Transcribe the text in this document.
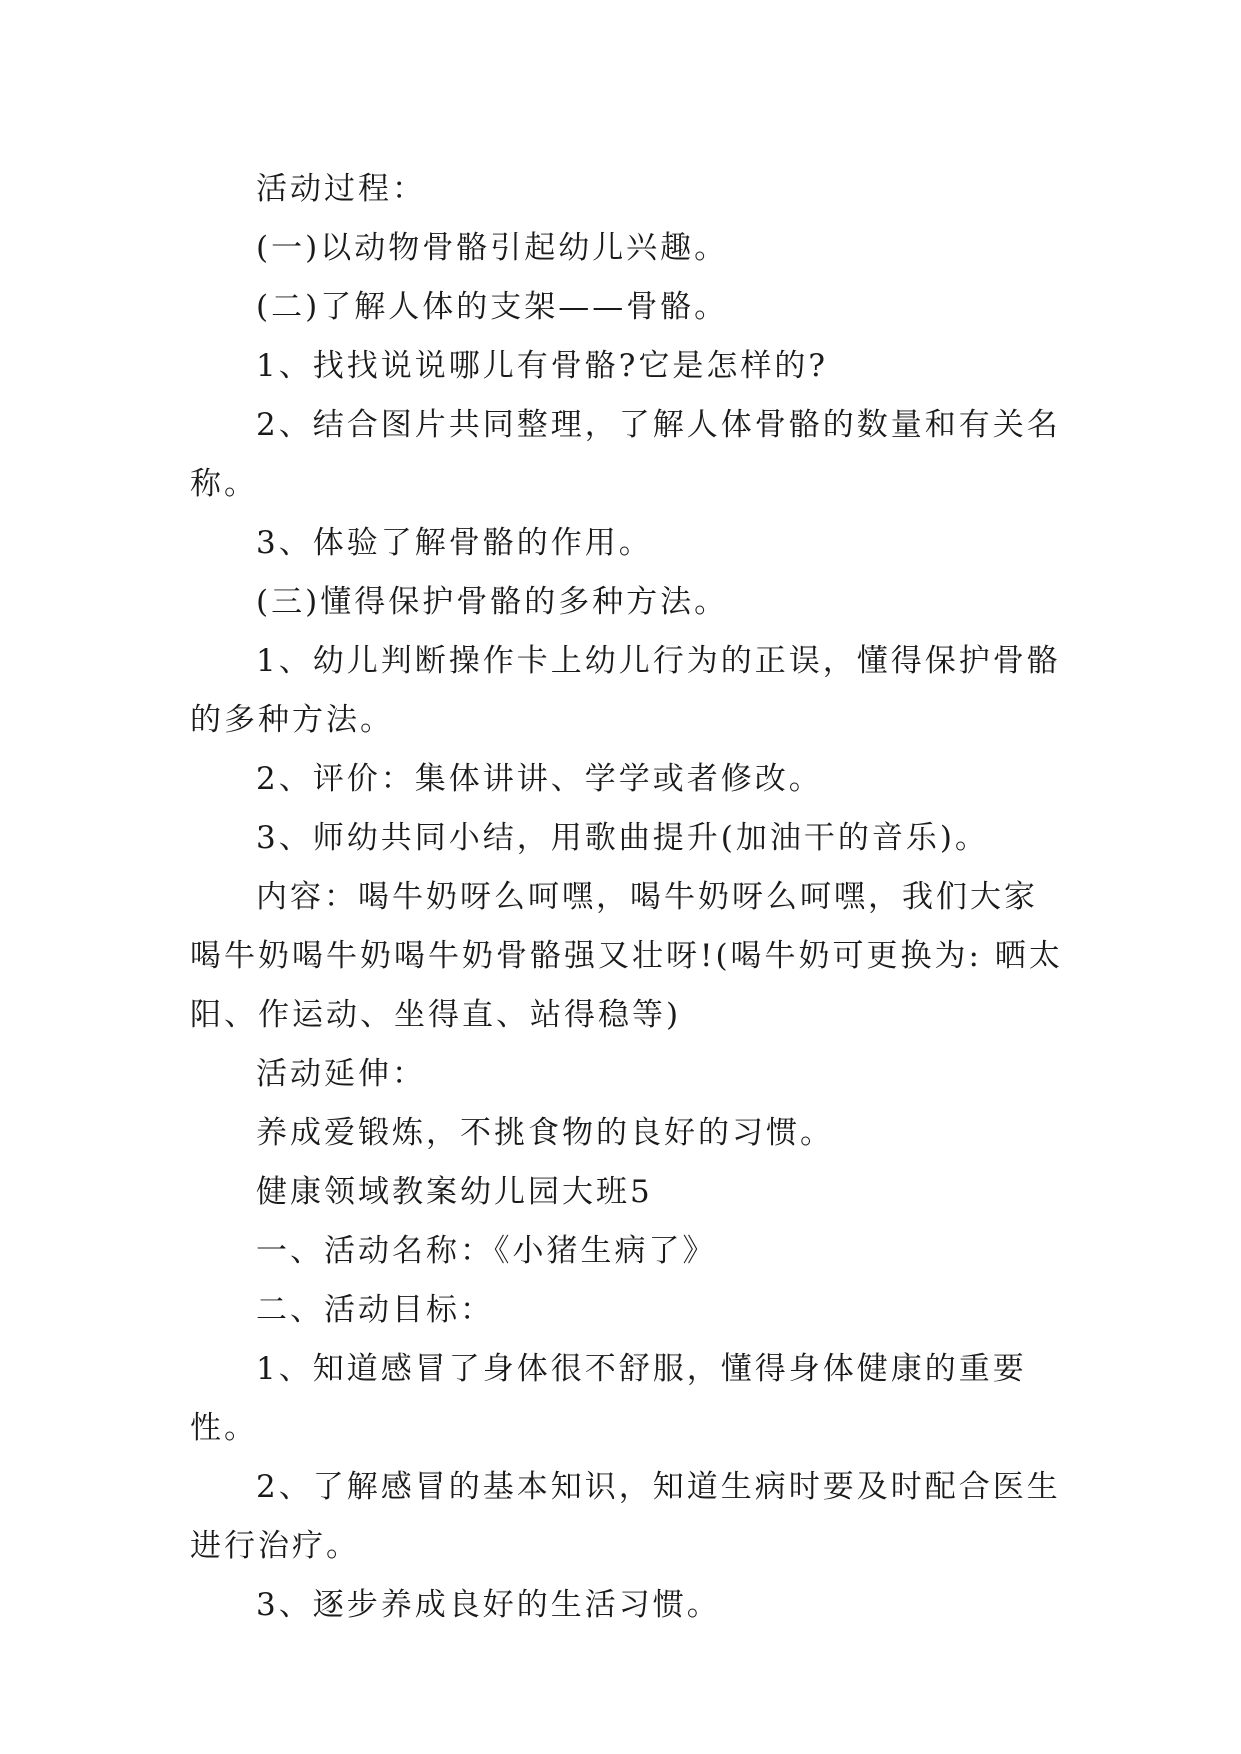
活动过程：

(一)以动物骨骼引起幼儿兴趣。

(二)了解人体的支架——骨骼。

1、找找说说哪儿有骨骼?它是怎样的?

2、结合图片共同整理，了解人体骨骼的数量和有关名称。

3、体验了解骨骼的作用。

(三)懂得保护骨骼的多种方法。

1、幼儿判断操作卡上幼儿行为的正误，懂得保护骨骼的多种方法。

2、评价：集体讲讲、学学或者修改。

3、师幼共同小结，用歌曲提升(加油干的音乐)。

内容：喝牛奶呀么呵嘿，喝牛奶呀么呵嘿，我们大家喝牛奶喝牛奶喝牛奶骨骼强又壮呀!(喝牛奶可更换为: 晒太阳、作运动、坐得直、站得稳等)

活动延伸：

养成爱锻炼，不挑食物的良好的习惯。

健康领域教案幼儿园大班5

一、活动名称：《小猪生病了》

二、活动目标：

1、知道感冒了身体很不舒服，懂得身体健康的重要性。

2、了解感冒的基本知识，知道生病时要及时配合医生进行治疗。

3、逐步养成良好的生活习惯。
